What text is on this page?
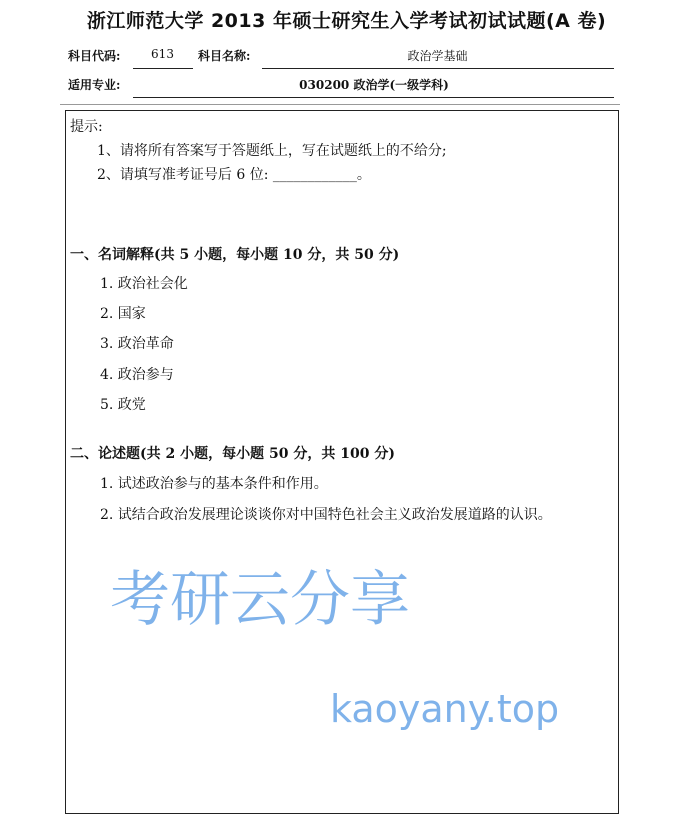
浙江师范大学 2013 年硕士研究生入学考试初试试题(A 卷)
科目代码:	613	科目名称:	政治学基础
适用专业:	030200 政治学(一级学科)
提示:
1、请将所有答案写于答题纸上，写在试题纸上的不给分;
2、请填写准考证号后 6 位: ____________。
一、名词解释(共 5 小题，每小题 10 分，共 50 分)
1. 政治社会化
2. 国家
3. 政治革命
4. 政治参与
5. 政党
二、论述题(共 2 小题，每小题 50 分，共 100 分)
1. 试述政治参与的基本条件和作用。
2. 试结合政治发展理论谈谈你对中国特色社会主义政治发展道路的认识。
考研云分享
kaoyany.top
